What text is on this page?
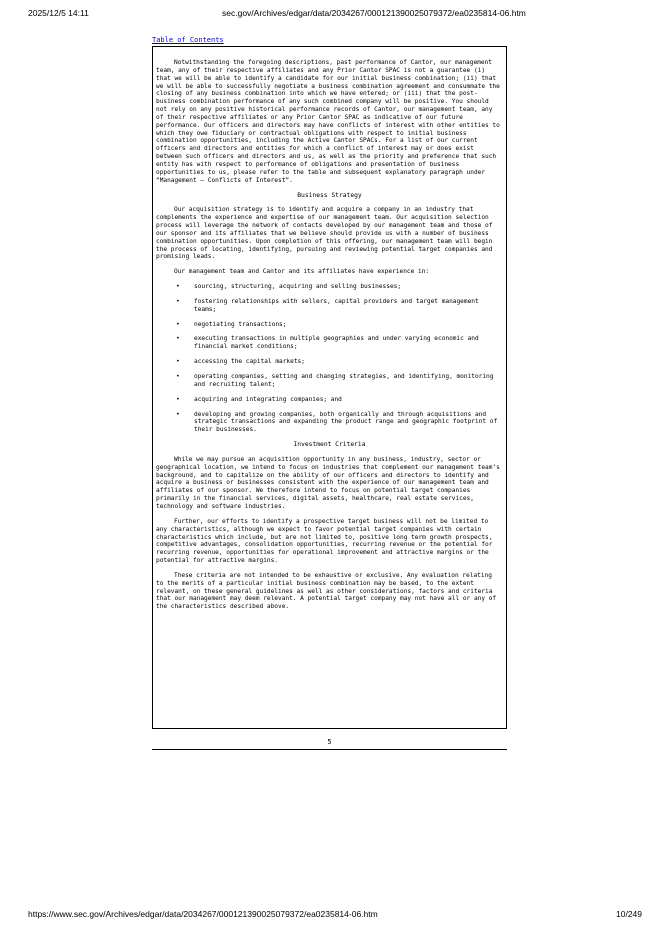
2025/12/5 14:11	sec.gov/Archives/edgar/data/2034267/000121390025079372/ea0235814-06.htm
Table of Contents

Notwithstanding the foregoing descriptions, past performance of Cantor, our management team, any of their respective affiliates and any Prior Cantor SPAC is not a guarantee (i) that we will be able to identify a candidate for our initial business combination; (ii) that we will be able to successfully negotiate a business combination agreement and consummate the closing of any business combination into which we have entered; or (iii) that the post-business combination performance of any such combined company will be positive. You should not rely on any positive historical performance records of Cantor, our management team, any of their respective affiliates or any Prior Cantor SPAC as indicative of our future performance. Our officers and directors may have conflicts of interest with other entities to which they owe fiduciary or contractual obligations with respect to initial business combination opportunities, including the Active Cantor SPACs. For a list of our current officers and directors and entities for which a conflict of interest may or does exist between such officers and directors and us, as well as the priority and preference that such entity has with respect to performance of obligations and presentation of business opportunities to us, please refer to the table and subsequent explanatory paragraph under “Management — Conflicts of Interest”.

Business Strategy

Our acquisition strategy is to identify and acquire a company in an industry that complements the experience and expertise of our management team. Our acquisition selection process will leverage the network of contacts developed by our management team and those of our sponsor and its affiliates that we believe should provide us with a number of business combination opportunities. Upon completion of this offering, our management team will begin the process of locating, identifying, pursuing and reviewing potential target companies and promising leads.

Our management team and Cantor and its affiliates have experience in:

• sourcing, structuring, acquiring and selling businesses;
• fostering relationships with sellers, capital providers and target management teams;
• negotiating transactions;
• executing transactions in multiple geographies and under varying economic and financial market conditions;
• accessing the capital markets;
• operating companies, setting and changing strategies, and identifying, monitoring and recruiting talent;
• acquiring and integrating companies; and
• developing and growing companies, both organically and through acquisitions and strategic transactions and expanding the product range and geographic footprint of their businesses.
Investment Criteria

While we may pursue an acquisition opportunity in any business, industry, sector or geographical location, we intend to focus on industries that complement our management team’s background, and to capitalize on the ability of our officers and directors to identify and acquire a business or businesses consistent with the experience of our management team and affiliates of our sponsor. We therefore intend to focus on potential target companies primarily in the financial services, digital assets, healthcare, real estate services, technology and software industries.

Further, our efforts to identify a prospective target business will not be limited to any characteristics, although we expect to favor potential target companies with certain characteristics which include, but are not limited to, positive long term growth prospects, competitive advantages, consolidation opportunities, recurring revenue or the potential for recurring revenue, opportunities for operational improvement and attractive margins or the potential for attractive margins.

These criteria are not intended to be exhaustive or exclusive. Any evaluation relating to the merits of a particular initial business combination may be based, to the extent relevant, on these general guidelines as well as other considerations, factors and criteria that our management may deem relevant. A potential target company may not have all or any of the characteristics described above.

5
https://www.sec.gov/Archives/edgar/data/2034267/000121390025079372/ea0235814-06.htm	10/249
